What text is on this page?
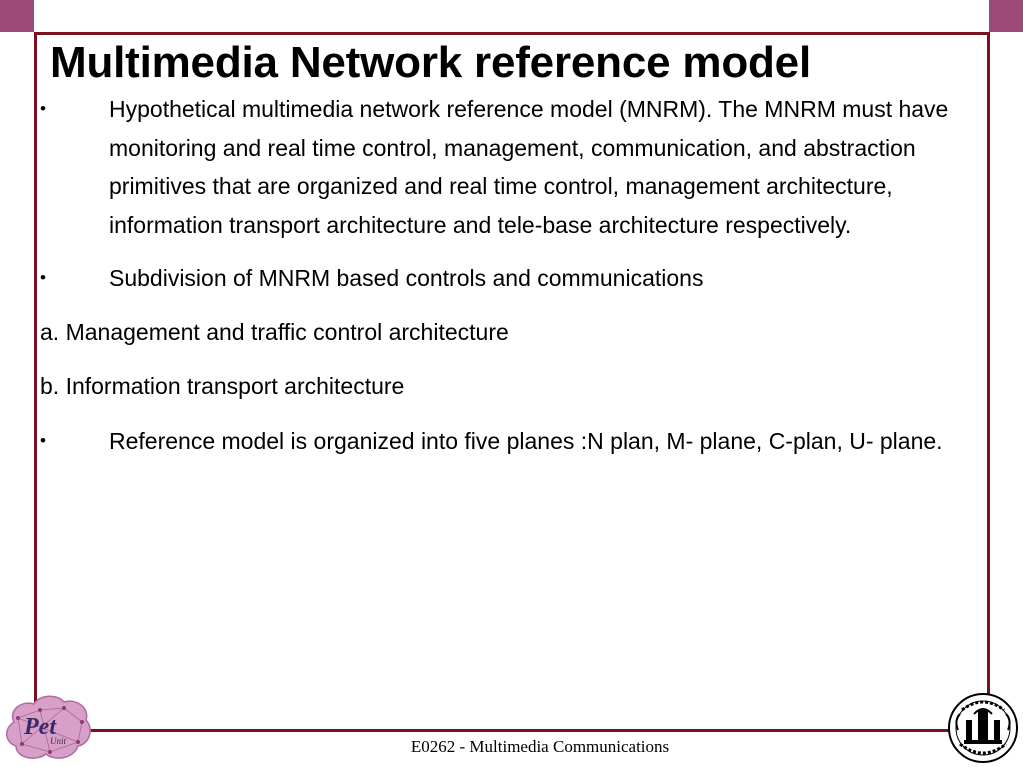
Multimedia Network reference model
•	Hypothetical multimedia network reference model (MNRM). The MNRM must have monitoring and real time control, management, communication, and abstraction primitives that are organized and real time control, management architecture, information transport architecture and tele-base architecture respectively.
•	Subdivision of MNRM based controls and communications
a. Management and traffic control architecture
b. Information transport architecture
•	Reference model is organized into five planes :N plan, M- plane, C-plan, U- plane.
Pet
Unit	E0262 - Multimedia Communications
